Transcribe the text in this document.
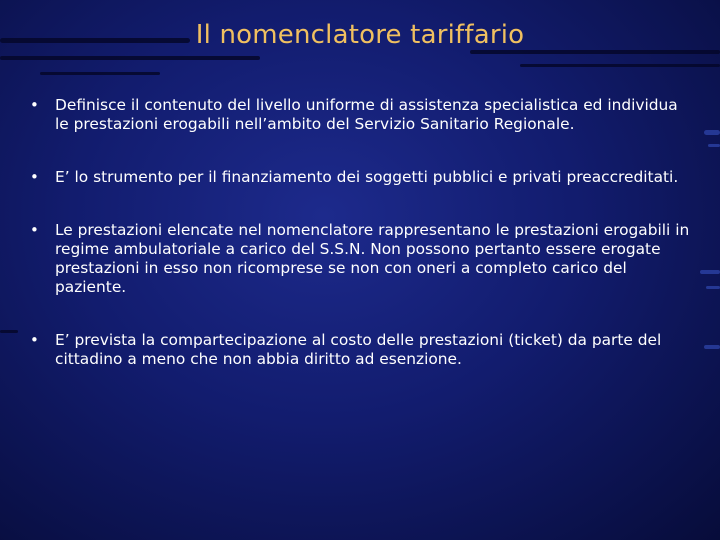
Il nomenclatore tariffario
• Definisce il contenuto del livello uniforme di assistenza specialistica ed individua le prestazioni erogabili nell’ambito del Servizio Sanitario Regionale.
• E’ lo strumento per il finanziamento dei soggetti pubblici e privati preaccreditati.
• Le prestazioni elencate nel nomenclatore rappresentano le prestazioni erogabili in regime ambulatoriale a carico del S.S.N. Non possono pertanto essere erogate prestazioni in esso non ricomprese se non con oneri a completo carico del paziente.
• E’ prevista la compartecipazione al costo delle prestazioni (ticket) da parte del cittadino a meno che non abbia diritto ad esenzione.
